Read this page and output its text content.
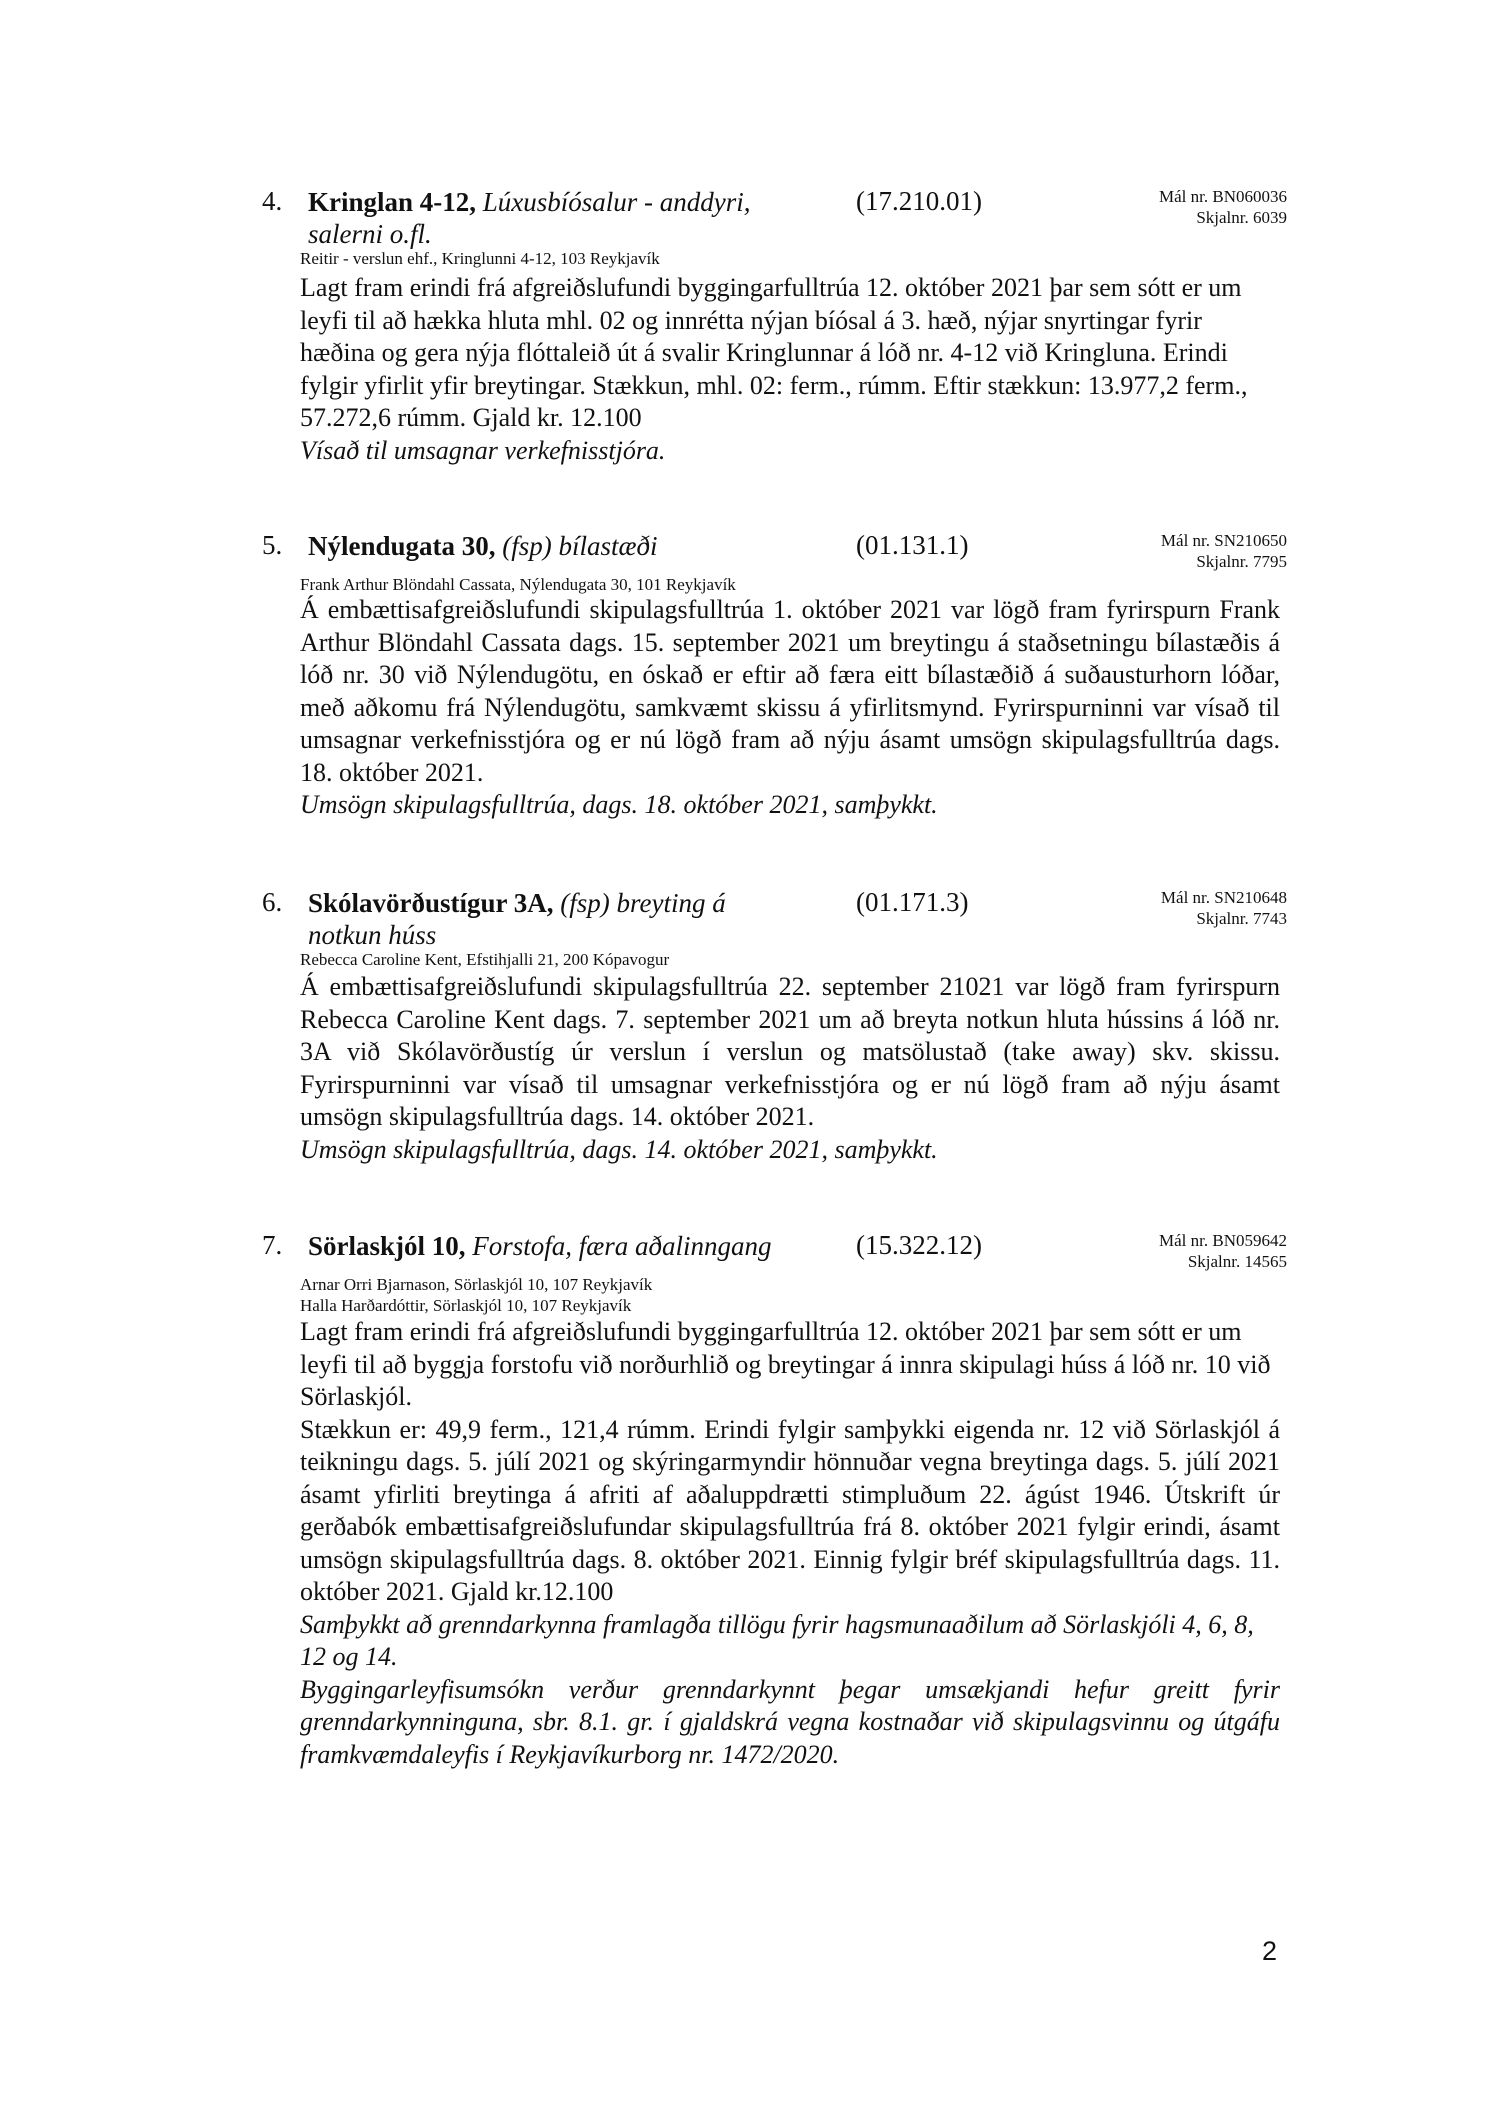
4. Kringlan 4-12, Lúxusbíósalur - anddyri, salerni o.fl.
(17.210.01)	Mál nr. BN060036
Skjalnr. 6039
Reitir - verslun ehf., Kringlunni 4-12, 103 Reykjavík

Lagt fram erindi frá afgreiðslufundi byggingarfulltrúa 12. október 2021 þar sem sótt er um leyfi til að hækka hluta mhl. 02 og innrétta nýjan bíósal á 3. hæð, nýjar snyrtingar fyrir hæðina og gera nýja flóttaleið út á svalir Kringlunnar á lóð nr. 4-12 við Kringluna. Erindi fylgir yfirlit yfir breytingar. Stækkun, mhl. 02: ferm., rúmm. Eftir stækkun: 13.977,2 ferm., 57.272,6 rúmm. Gjald kr. 12.100

Vísað til umsagnar verkefnisstjóra.

5. Nýlendugata 30, (fsp) bílastæði	(01.131.1)	Mál nr. SN210650
Skjalnr. 7795
Frank Arthur Blöndahl Cassata, Nýlendugata 30, 101 Reykjavík

Á embættisafgreiðslufundi skipulagsfulltrúa 1. október 2021 var lögð fram fyrirspurn Frank Arthur Blöndahl Cassata dags. 15. september 2021 um breytingu á staðsetningu bílastæðis á lóð nr. 30 við Nýlendugötu, en óskað er eftir að færa eitt bílastæðið á suðausturhorn lóðar, með aðkomu frá Nýlendugötu, samkvæmt skissu á yfirlitsmynd. Fyrirspurninni var vísað til umsagnar verkefnisstjóra og er nú lögð fram að nýju ásamt umsögn skipulagsfulltrúa dags. 18. október 2021.

Umsögn skipulagsfulltrúa, dags. 18. október 2021, samþykkt.

6. Skólavörðustígur 3A, (fsp) breyting á notkun húss
(01.171.3)	Mál nr. SN210648
Skjalnr. 7743
Rebecca Caroline Kent, Efstihjalli 21, 200 Kópavogur

Á embættisafgreiðslufundi skipulagsfulltrúa 22. september 21021 var lögð fram fyrirspurn Rebecca Caroline Kent dags. 7. september 2021 um að breyta notkun hluta hússins á lóð nr. 3A við Skólavörðustíg úr verslun í verslun og matsölustað (take away) skv. skissu. Fyrirspurninni var vísað til umsagnar verkefnisstjóra og er nú lögð fram að nýju ásamt umsögn skipulagsfulltrúa dags. 14. október 2021.

Umsögn skipulagsfulltrúa, dags. 14. október 2021, samþykkt.

7. Sörlaskjól 10, Forstofa, færa aðalinngang	(15.322.12)	Mál nr. BN059642
Skjalnr. 14565
Arnar Orri Bjarnason, Sörlaskjól 10, 107 Reykjavík
Halla Harðardóttir, Sörlaskjól 10, 107 Reykjavík

Lagt fram erindi frá afgreiðslufundi byggingarfulltrúa 12. október 2021 þar sem sótt er um leyfi til að byggja forstofu við norðurhlið og breytingar á innra skipulagi húss á lóð nr. 10 við Sörlaskjól.

Stækkun er: 49,9 ferm., 121,4 rúmm. Erindi fylgir samþykki eigenda nr. 12 við Sörlaskjól á teikningu dags. 5. júlí 2021 og skýringarmyndir hönnuðar vegna breytinga dags. 5. júlí 2021 ásamt yfirliti breytinga á afriti af aðaluppdrætti stimpluðum 22. ágúst 1946. Útskrift úr gerðabók embættisafgreiðslufundar skipulagsfulltrúa frá 8. október 2021 fylgir erindi, ásamt umsögn skipulagsfulltrúa dags. 8. október 2021. Einnig fylgir bréf skipulagsfulltrúa dags. 11. október 2021. Gjald kr.12.100

Samþykkt að grenndarkynna framlagða tillögu fyrir hagsmunaaðilum að Sörlaskjóli 4, 6, 8, 12 og 14.

Byggingarleyfisumsókn verður grenndarkynnt þegar umsækjandi hefur greitt fyrir grenndarkynninguna, sbr. 8.1. gr. í gjaldskrá vegna kostnaðar við skipulagsvinnu og útgáfu framkvæmdaleyfis í Reykjavíkurborg nr. 1472/2020.

2
